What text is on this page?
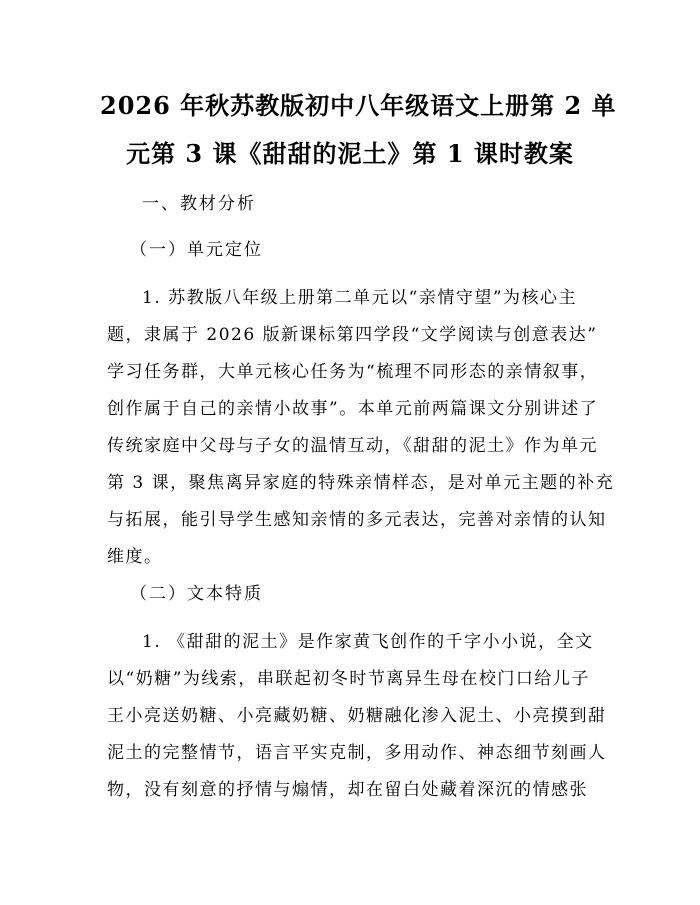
2026 年秋苏教版初中八年级语文上册第 2 单
元第 3 课《甜甜的泥土》第 1 课时教案
一、教材分析
（一）单元定位
1. 苏教版八年级上册第二单元以“亲情守望”为核心主
题，隶属于 2026 版新课标第四学段“文学阅读与创意表达”
学习任务群，大单元核心任务为“梳理不同形态的亲情叙事，
创作属于自己的亲情小故事”。本单元前两篇课文分别讲述了
传统家庭中父母与子女的温情互动，《甜甜的泥土》作为单元
第 3 课，聚焦离异家庭的特殊亲情样态，是对单元主题的补充
与拓展，能引导学生感知亲情的多元表达，完善对亲情的认知
维度。
（二）文本特质
1. 《甜甜的泥土》是作家黄飞创作的千字小小说，全文
以“奶糖”为线索，串联起初冬时节离异生母在校门口给儿子
王小亮送奶糖、小亮藏奶糖、奶糖融化渗入泥土、小亮摸到甜
泥土的完整情节，语言平实克制，多用动作、神态细节刻画人
物，没有刻意的抒情与煽情，却在留白处藏着深沉的情感张
